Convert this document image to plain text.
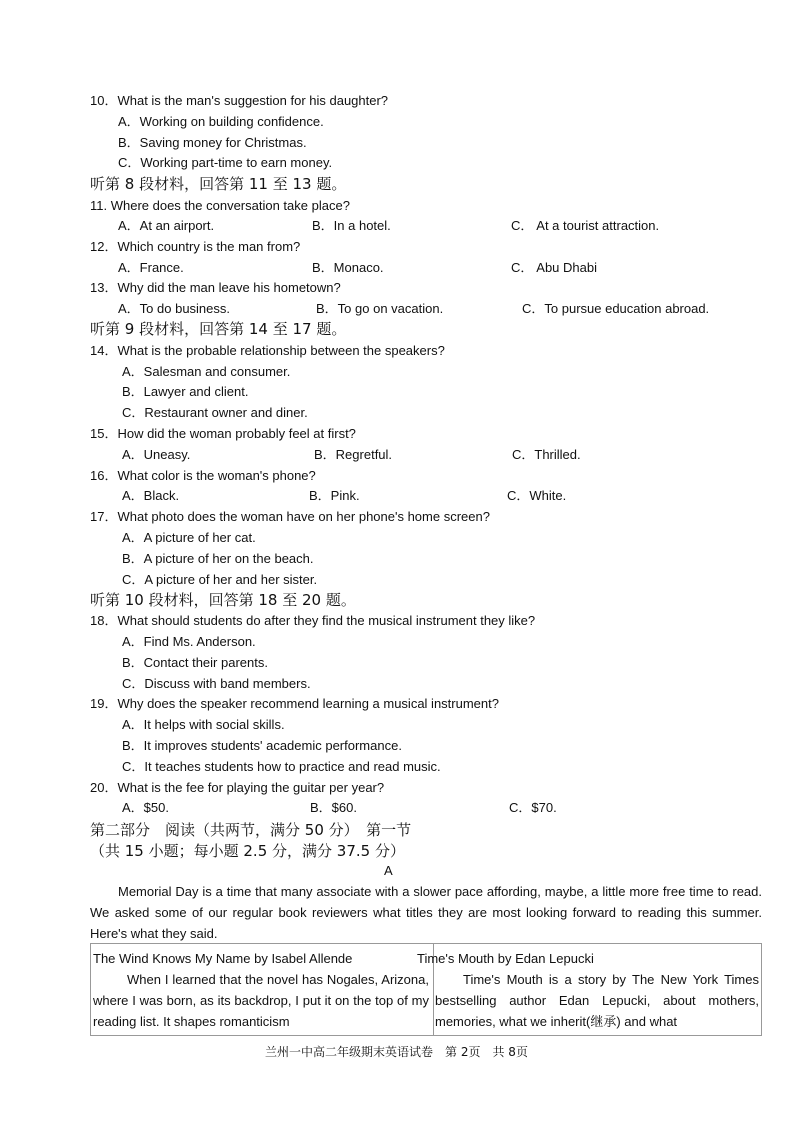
10．What is the man's suggestion for his daughter?
A．Working on building confidence.
B．Saving money for Christmas.
C．Working part-time to earn money.
听第 8 段材料，回答第 11 至 13 题。
11. Where does the conversation take place?
A．At an airport.	B．In a hotel.	C． At a tourist attraction.
12．Which country is the man from?
A．France.	B．Monaco.	C． Abu Dhabi
13．Why did the man leave his hometown?
A．To do business.	B．To go on vacation.	C．To pursue education abroad.
听第 9 段材料，回答第 14 至 17 题。
14．What is the probable relationship between the speakers?
A．Salesman and consumer.
B．Lawyer and client.
C．Restaurant owner and diner.
15．How did the woman probably feel at first?
A．Uneasy.	B．Regretful.	C．Thrilled.
16．What color is the woman's phone?
A．Black.	B．Pink.	C．White.
17．What photo does the woman have on her phone's home screen?
A．A picture of her cat.
B．A picture of her on the beach.
C．A picture of her and her sister.
听第 10 段材料，回答第 18 至 20 题。
18．What should students do after they find the musical instrument they like?
A．Find Ms. Anderson.
B．Contact their parents.
C．Discuss with band members.
19．Why does the speaker recommend learning a musical instrument?
A．It helps with social skills.
B．It improves students' academic performance.
C．It teaches students how to practice and read music.
20．What is the fee for playing the guitar per year?
A．$50.	B．$60.	C．$70.
第二部分　阅读（共两节，满分 50 分）　第一节
（共 15 小题；每小题 2.5 分，满分 37.5 分）
A
Memorial Day is a time that many associate with a slower pace affording, maybe, a little more free time to read. We asked some of our regular book reviewers what titles they are most looking forward to reading this summer. Here's what they said.
The Wind Knows My Name by Isabel Allende
When I learned that the novel has Nogales, Arizona, where I was born, as its backdrop, I put it on the top of my reading list. It shapes romanticism
Time's Mouth by Edan Lepucki
Time's Mouth is a story by The New York Times bestselling author Edan Lepucki, about mothers, memories, what we inherit(继承) and what
兰州一中高二年级期末英语试卷　第 2页　共 8页
